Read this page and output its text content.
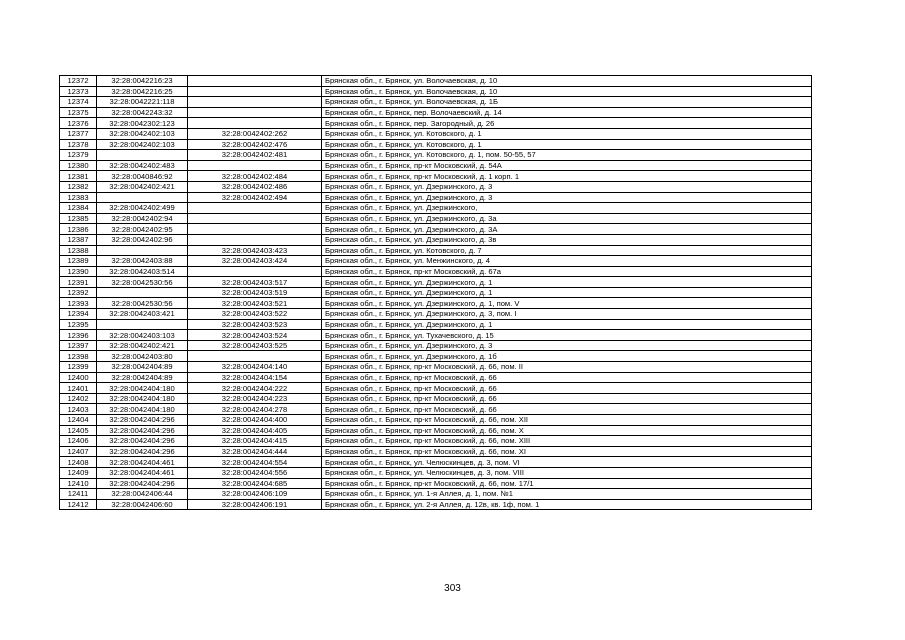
12372	32:28:0042216:23		Брянская обл., г. Брянск, ул. Волочаевская, д. 10
12373	32:28:0042216:25		Брянская обл., г. Брянск, ул. Волочаевская, д. 10
12374	32:28:0042221:118		Брянская обл., г. Брянск, ул. Волочаевская, д. 1Б
12375	32:28:0042243:32		Брянская обл., г. Брянск, пер. Волочаевский, д. 14
12376	32:28:0042302:123		Брянская обл., г. Брянск, пер. Загородный, д. 26
12377	32:28:0042402:103	32:28:0042402:262	Брянская обл., г. Брянск, ул. Котовского, д. 1
12378	32:28:0042402:103	32:28:0042402:476	Брянская обл., г. Брянск, ул. Котовского, д. 1
12379		32:28:0042402:481	Брянская обл., г. Брянск, ул. Котовского, д. 1, пом. 50-55, 57
12380	32:28:0042402:483		Брянская обл., г. Брянск, пр-кт Московский, д. 54А
12381	32:28:0040846:92	32:28:0042402:484	Брянская обл., г. Брянск, пр-кт Московский, д. 1 корп. 1
12382	32:28:0042402:421	32:28:0042402:486	Брянская обл., г. Брянск, ул. Дзержинского, д. 3
12383		32:28:0042402:494	Брянская обл., г. Брянск, ул. Дзержинского, д. 3
12384	32:28:0042402:499		Брянская обл., г. Брянск, ул. Дзержинского,
12385	32:28:0042402:94		Брянская обл., г. Брянск, ул. Дзержинского, д. 3а
12386	32:28:0042402:95		Брянская обл., г. Брянск, ул. Дзержинского, д. 3А
12387	32:28:0042402:96		Брянская обл., г. Брянск, ул. Дзержинского, д. 3в
12388		32:28:0042403:423	Брянская обл., г. Брянск, ул. Котовского, д. 7
12389	32:28:0042403:88	32:28:0042403:424	Брянская обл., г. Брянск, ул. Менжинского, д. 4
12390	32:28:0042403:514		Брянская обл., г. Брянск, пр-кт Московский, д. 67а
12391	32:28:0042530:56	32:28:0042403:517	Брянская обл., г. Брянск, ул. Дзержинского, д. 1
12392		32:28:0042403:519	Брянская обл., г. Брянск, ул. Дзержинского, д. 1
12393	32:28:0042530:56	32:28:0042403:521	Брянская обл., г. Брянск, ул. Дзержинского, д. 1, пом. V
12394	32:28:0042403:421	32:28:0042403:522	Брянская обл., г. Брянск, ул. Дзержинского, д. 3, пом. I
12395		32:28:0042403:523	Брянская обл., г. Брянск, ул. Дзержинского, д. 1
12396	32:28:0042403:103	32:28:0042403:524	Брянская обл., г. Брянск, ул. Тухачевского, д. 15
12397	32:28:0042402:421	32:28:0042403:525	Брянская обл., г. Брянск, ул. Дзержинского, д. 3
12398	32:28:0042403:80		Брянская обл., г. Брянск, ул. Дзержинского, д. 1б
12399	32:28:0042404:89	32:28:0042404:140	Брянская обл., г. Брянск, пр-кт Московский, д. 66, пом. II
12400	32:28:0042404:89	32:28:0042404:154	Брянская обл., г. Брянск, пр-кт Московский, д. 66
12401	32:28:0042404:180	32:28:0042404:222	Брянская обл., г. Брянск, пр-кт Московский, д. 66
12402	32:28:0042404:180	32:28:0042404:223	Брянская обл., г. Брянск, пр-кт Московский, д. 66
12403	32:28:0042404:180	32:28:0042404:278	Брянская обл., г. Брянск, пр-кт Московский, д. 66
12404	32:28:0042404:296	32:28:0042404:400	Брянская обл., г. Брянск, пр-кт Московский, д. 66, пом. XII
12405	32:28:0042404:296	32:28:0042404:405	Брянская обл., г. Брянск, пр-кт Московский, д. 66, пом. X
12406	32:28:0042404:296	32:28:0042404:415	Брянская обл., г. Брянск, пр-кт Московский, д. 66, пом. XIII
12407	32:28:0042404:296	32:28:0042404:444	Брянская обл., г. Брянск, пр-кт Московский, д. 66, пом. XI
12408	32:28:0042404:461	32:28:0042404:554	Брянская обл., г. Брянск, ул. Челюскинцев, д. 3, пом. VI
12409	32:28:0042404:461	32:28:0042404:556	Брянская обл., г. Брянск, ул. Челюскинцев, д. 3, пом. VIII
12410	32:28:0042404:296	32:28:0042404:685	Брянская обл., г. Брянск, пр-кт Московский, д. 66, пом. 17/1
12411	32:28:0042406:44	32:28:0042406:109	Брянская обл., г. Брянск, ул. 1-я Аллея, д. 1, пом. №1
12412	32:28:0042406:60	32:28:0042406:191	Брянская обл., г. Брянск, ул. 2-я Аллея, д. 12в, кв. 1ф, пом. 1
303
